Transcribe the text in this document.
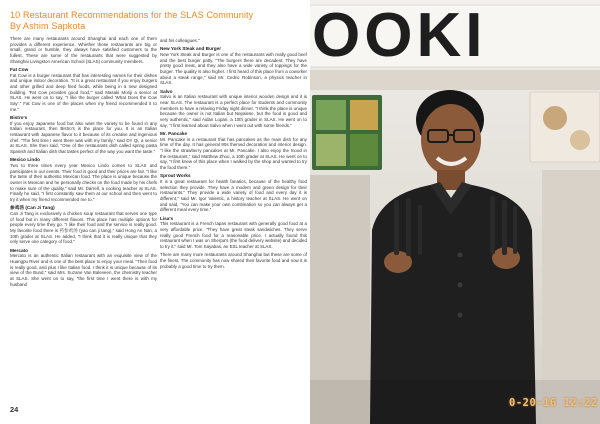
10 Restaurant Recommendations for the SLAS Community
By Ashim Sapkota

There are many restaurants around Shanghai and each one of them provides a different experience. Whether those restaurants are big or small, grand or humble, they always have satisfied customers to the fullest. These are some of the restaurants that were suggested by Shanghai Livingston American School (SLAS) community members.

Fat Cow

Fat Cow is a burger restaurant that has interesting names for their dishes and unique indoor decoration. "It is a great restaurant if you enjoy burgers and other grilled and deep fried foods, while being in a new designed building. 'Fat Cow provides good food,'" said Masaki Moriji a senior at SLAS. He went on to say, "I like the burger called 'What Does the Cow Say'." Fat Cow is one of the places when my friend recommended it to me."

Bistro's

If you enjoy Japanese food but also want the variety to be found in any Italian restaurant, then Bistro's is the place for you. It is an Italian restaurant with Japanese flavor to it because of its creative and ingenious chef. "The first time I went there was with my family," said DY Qi, a senior at SLAS. She then said, "One of the restaurants dish called spring pasta Spanish and Italian dish that tastes perfect of the way you want the taste."

Mexico Lindo

Two to three times every year Mexico Lindo comes to SLAS and participates in our events. Their food is good and their prices are fair. "I like the taste of their authentic Mexican food. The place is unique because the owner is Mexican and he personally checks on the food made by his chefs to make sure of the quality," said Mr. Darrell, a cooking teacher at SLAS. Finally he said, "I first constantly saw them at our school and then went to try it when my friend recommended me to."

参鸡汤 (Can Ji Tang)

Can Ji Tang is exclusively a chicken soup restaurant that serves one type of food but in many different flavors. This place has multiple options for people every time they go. "I like their food and the service is really good. My favorite food there is 药参鸡汤 (yao can ji tang)," said Hong An Nan, a 10th grader at SLAS. He added, "I think that it is really unique that they only serve one category of food."

Mercato

Mercato is an authentic Italian restaurant with an exquisite view of the Huangpu River and is one of the best place to enjoy your meal. "Their food is really good, and plus I like Italian food. I think it is unique because of its view of the Bund," said Mrs. Suzane Van Baleveen, the chemistry teacher at SLAS. She went on to say, "the first time I went there is with my husband

and his colleagues."

New York Steak and Burger

New York Steak and Burger is one of the restaurants with really good beef and the best burger patty. "The burgers there are decadent. They have pretty good meat, and they also have a wide variety of toppings for the burger. The quality is also higher. I first heard of this place from a coworker about a steak range," said Mr. Cedric Robinson, a physics teacher in SLAS.

Salvo

Salvo is an Italian restaurant with unique interior wooden design and it is near SLAS. The restaurant is a perfect place for students and community members to have a relaxing Friday night dinner. "I think the place is unique because the owner is not Italian but Nepalese, but the food is good and very authentic," said Aidan Lopari, a 10th grader in SLAS. He went on to say, "I first learned about Salvo when I went out with some friends."

Mr. Pancake

Mr. Pancake is a restaurant that has pancakes as the main dish for any time of the day. It has general 90s themed decoration and interior design. "I like the strawberry pancakes at Mr. Pancake. I also enjoy the mood in the restaurant," said Matthew Zhou, a 10th grader at SLAS. He went on to say, "I first knew of this place when I walked by the shop and wanted to try the food there."

Sprout Works

It is a great restaurant for health fanatics, because of the healthy food selection they provide. They have a modern and green design for their restaurants." They provide a wide variety of food and every day it is different," said Mr. Igor Valentic, a history teacher at SLAS. He went on and said, "You can make your own combination so you can always get a different meal every time."

Lisa's

This restaurant is a French tapas restaurant with generally good food at a very affordable price. "They have great steak sandwiches. They serve really good French food for a reasonable price. I actually found this restaurant when I was on Sherpa's (the food delivery website) and decided to try it," said Mr. Tom Sayabas, an ESL teacher at SLAS.

There are many more restaurants around Shanghai but these are some of the finest. The community has now shared their favorite food and now it is probably a good time to try them.

24
OOKI
0-20-16 12:22
